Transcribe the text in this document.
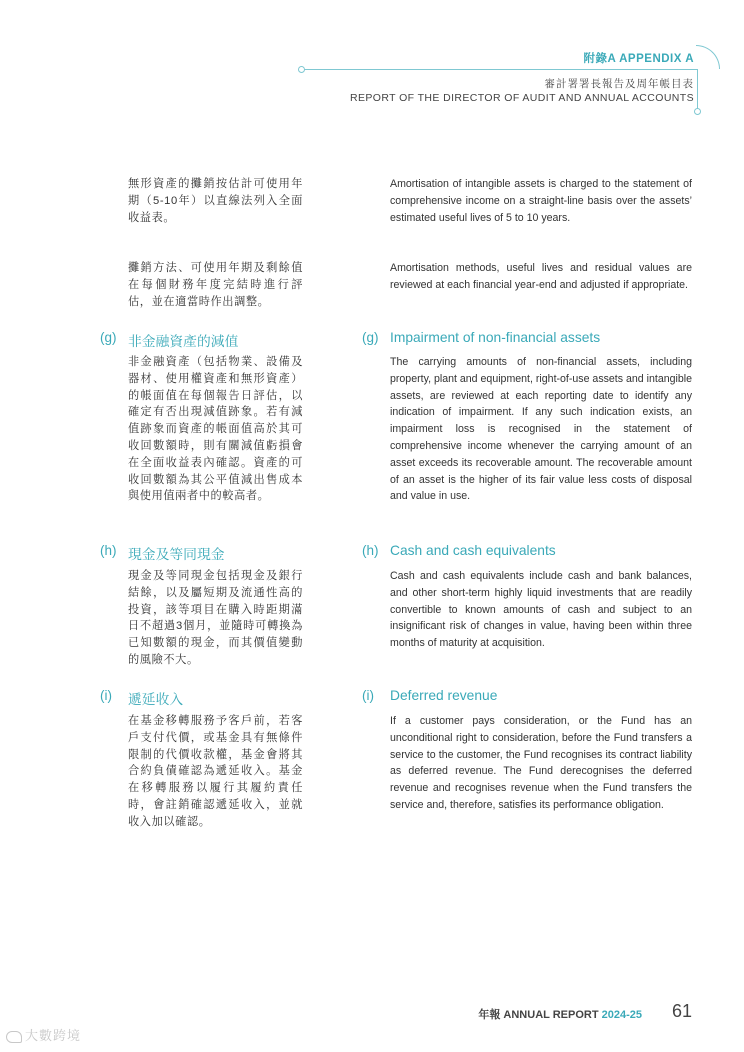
附錄A APPENDIX A
審計署署長報告及周年帳目表
REPORT OF THE DIRECTOR OF AUDIT AND ANNUAL ACCOUNTS

無形資產的攤銷按估計可使用年期（5-10年）以直線法列入全面收益表。

Amortisation of intangible assets is charged to the statement of comprehensive income on a straight-line basis over the assets’ estimated useful lives of 5 to 10 years.

攤銷方法、可使用年期及剩餘值在每個財務年度完結時進行評估，並在適當時作出調整。

Amortisation methods, useful lives and residual values are reviewed at each financial year-end and adjusted if appropriate.

(g) 非金融資產的減值	(g) Impairment of non-financial assets

非金融資產（包括物業、設備及器材、使用權資產和無形資產）的帳面值在每個報告日評估，以確定有否出現減值跡象。若有減值跡象而資產的帳面值高於其可收回數額時，則有關減值虧損會在全面收益表內確認。資產的可收回數額為其公平值減出售成本與使用值兩者中的較高者。

The carrying amounts of non-financial assets, including property, plant and equipment, right-of-use assets and intangible assets, are reviewed at each reporting date to identify any indication of impairment. If any such indication exists, an impairment loss is recognised in the statement of comprehensive income whenever the carrying amount of an asset exceeds its recoverable amount. The recoverable amount of an asset is the higher of its fair value less costs of disposal and value in use.

(h) 現金及等同現金	(h) Cash and cash equivalents

現金及等同現金包括現金及銀行結餘，以及屬短期及流通性高的投資，該等項目在購入時距期滿日不超過3個月，並隨時可轉換為已知數額的現金，而其價值變動的風險不大。

Cash and cash equivalents include cash and bank balances, and other short-term highly liquid investments that are readily convertible to known amounts of cash and subject to an insignificant risk of changes in value, having been within three months of maturity at acquisition.

(i) 遞延收入	(i) Deferred revenue

在基金移轉服務予客戶前，若客戶支付代價，或基金具有無條件限制的代價收款權，基金會將其合約負債確認為遞延收入。基金在移轉服務以履行其履約責任時，會註銷確認遞延收入，並就收入加以確認。

If a customer pays consideration, or the Fund has an unconditional right to consideration, before the Fund transfers a service to the customer, the Fund recognises its contract liability as deferred revenue. The Fund derecognises the deferred revenue and recognises revenue when the Fund transfers the service and, therefore, satisfies its performance obligation.

年報 ANNUAL REPORT 2024-25 61
大數跨境
